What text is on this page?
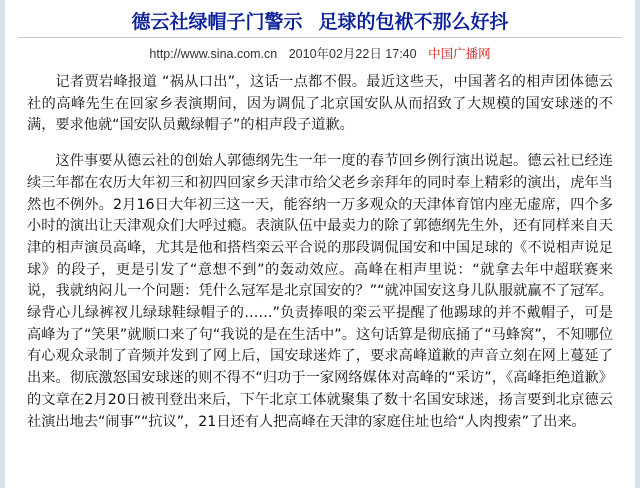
德云社绿帽子门警示 足球的包袱不那么好抖
http://www.sina.com.cn 2010年02月22日 17:40 中国广播网

记者贾岩峰报道 “祸从口出”，这话一点都不假。最近这些天，中国著名的相声团体德云社的高峰先生在回家乡表演期间，因为调侃了北京国安队从而招致了大规模的国安球迷的不满，要求他就“国安队员戴绿帽子”的相声段子道歉。

这件事要从德云社的创始人郭德纲先生一年一度的春节回乡例行演出说起。德云社已经连续三年都在农历大年初三和初四回家乡天津市给父老乡亲拜年的同时奉上精彩的演出，虎年当然也不例外。2月16日大年初三这一天，能容纳一万多观众的天津体育馆内座无虚席，四个多小时的演出让天津观众们大呼过瘾。表演队伍中最卖力的除了郭德纲先生外，还有同样来自天津的相声演员高峰，尤其是他和搭档栾云平合说的那段调侃国安和中国足球的《不说相声说足球》的段子，更是引发了“意想不到”的轰动效应。高峰在相声里说：“就拿去年中超联赛来说，我就纳闷儿一个问题：凭什么冠军是北京国安的？”“就冲国安这身儿队服就赢不了冠军。绿背心儿绿裤衩儿绿球鞋绿帽子的……”负责捧哏的栾云平提醒了他踢球的并不戴帽子，可是高峰为了“笑果”就顺口来了句“我说的是在生活中”。这句话算是彻底捅了“马蜂窝”，不知哪位有心观众录制了音频并发到了网上后，国安球迷炸了，要求高峰道歉的声音立刻在网上蔓延了出来。彻底激怒国安球迷的则不得不“归功于一家网络媒体对高峰的“采访”，《高峰拒绝道歉》的文章在2月20日被刊登出来后，下午北京工体就聚集了数十名国安球迷，扬言要到北京德云社演出地去“闹事”“抗议”，21日还有人把高峰在天津的家庭住址也给“人肉搜索”了出来。
